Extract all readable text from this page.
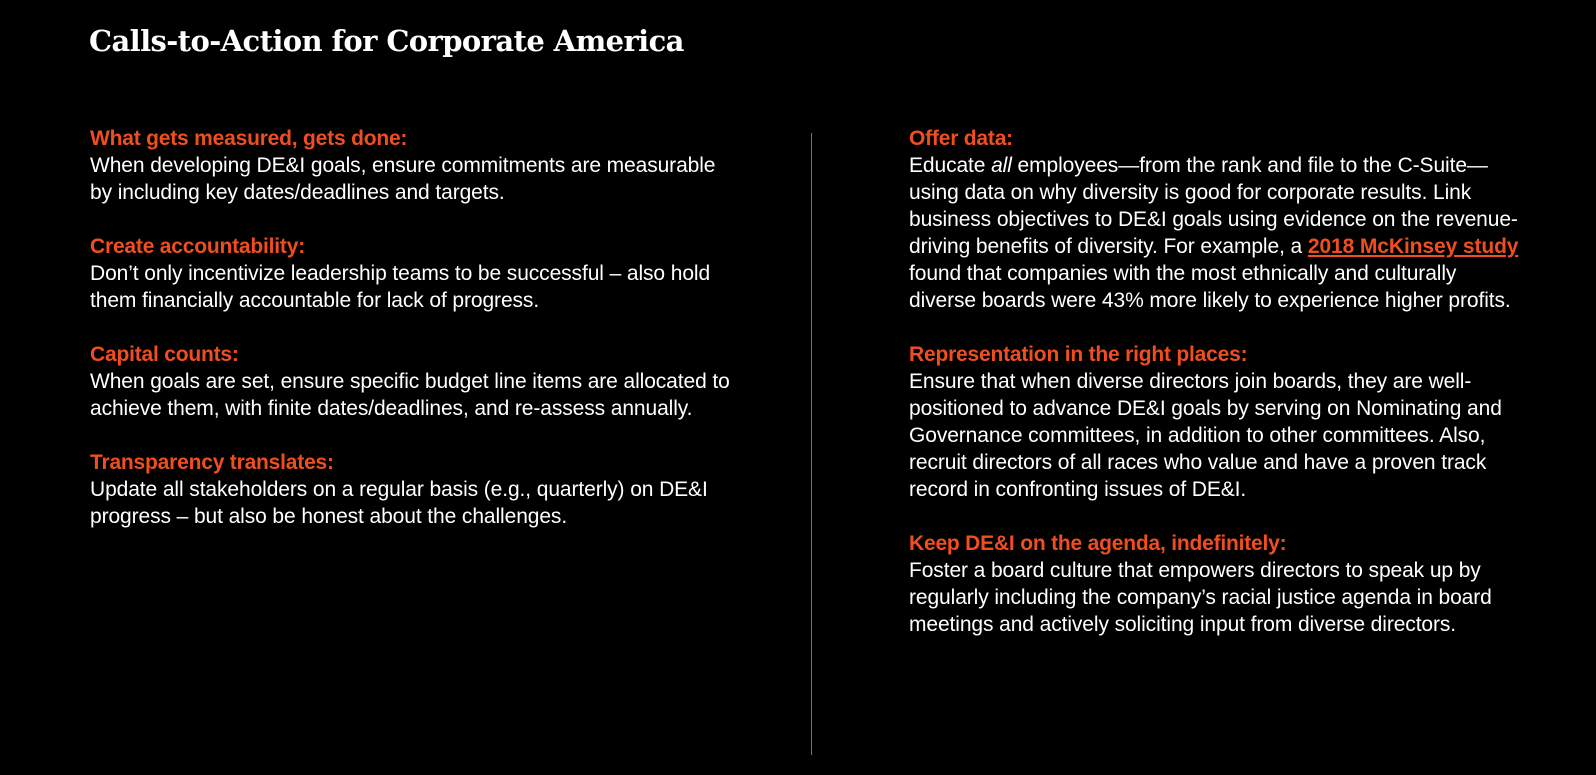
Calls-to-Action for Corporate America
What gets measured, gets done:

When developing DE&I goals, ensure commitments are measurable by including key dates/deadlines and targets.

Create accountability:

Don’t only incentivize leadership teams to be successful – also hold them financially accountable for lack of progress.

Capital counts:

When goals are set, ensure specific budget line items are allocated to achieve them, with finite dates/deadlines, and re-assess annually.

Transparency translates:

Update all stakeholders on a regular basis (e.g., quarterly) on DE&I progress – but also be honest about the challenges.

Offer data:

Educate all employees—from the rank and file to the C-Suite—using data on why diversity is good for corporate results. Link business objectives to DE&I goals using evidence on the revenue-driving benefits of diversity. For example, a 2018 McKinsey study found that companies with the most ethnically and culturally diverse boards were 43% more likely to experience higher profits.

Representation in the right places:

Ensure that when diverse directors join boards, they are well-positioned to advance DE&I goals by serving on Nominating and Governance committees, in addition to other committees. Also, recruit directors of all races who value and have a proven track record in confronting issues of DE&I.

Keep DE&I on the agenda, indefinitely:

Foster a board culture that empowers directors to speak up by regularly including the company’s racial justice agenda in board meetings and actively soliciting input from diverse directors.
